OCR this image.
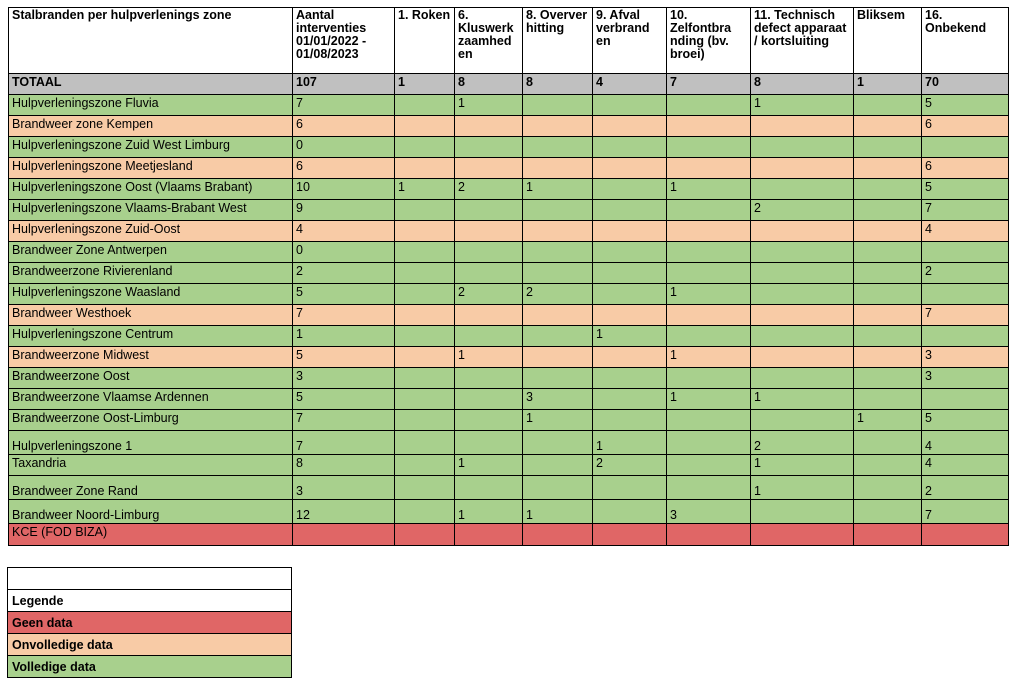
Stalbranden per hulpverlenings zone	Aantal interventies 01/01/2022 - 01/08/2023	1. Roken	6. Kluswerk zaamhed en	8. Overver hitting	9. Afval verbrand en	10. Zelfontbra nding (bv. broei)	11. Technisch defect apparaat / kortsluiting	Bliksem	16. Onbekend
TOTAAL	107	1	8	8	4	7	8	1	70
Hulpverleningszone Fluvia	7		1				1		5
Brandweer zone Kempen	6								6
Hulpverleningszone Zuid West Limburg	0								
Hulpverleningszone Meetjesland	6								6
Hulpverleningszone Oost (Vlaams Brabant)	10	1	2	1		1			5
Hulpverleningszone Vlaams-Brabant West	9						2		7
Hulpverleningszone Zuid-Oost	4								4
Brandweer Zone Antwerpen	0								
Brandweerzone Rivierenland	2								2
Hulpverleningszone Waasland	5		2	2		1			
Brandweer Westhoek	7								7
Hulpverleningszone Centrum	1				1				
Brandweerzone Midwest	5		1			1			3
Brandweerzone Oost	3								3
Brandweerzone Vlaamse Ardennen	5			3		1	1		
Brandweerzone Oost-Limburg	7			1				1	5
Hulpverleningszone 1	7				1		2		4
Taxandria	8		1		2		1		4
Brandweer Zone Rand	3						1		2
Brandweer Noord-Limburg	12		1	1		3			7
KCE (FOD BIZA)									

Legende
Geen data
Onvolledige data
Volledige data
